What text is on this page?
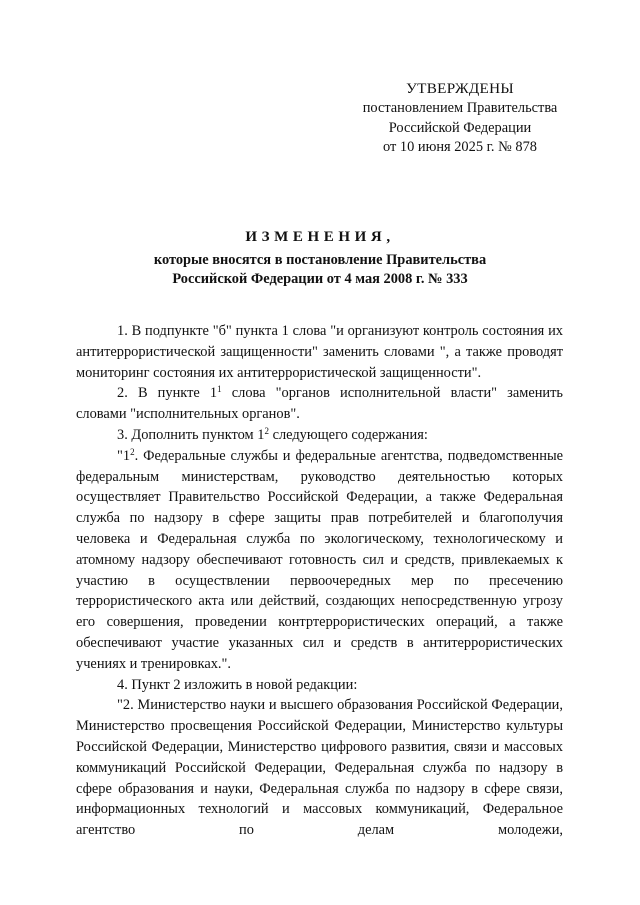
УТВЕРЖДЕНЫ
постановлением Правительства
Российской Федерации
от 10 июня 2025 г. № 878
ИЗМЕНЕНИЯ,
которые вносятся в постановление Правительства
Российской Федерации от 4 мая 2008 г. № 333

1. В подпункте "б" пункта 1 слова "и организуют контроль состояния их антитеррористической защищенности" заменить словами ", а также проводят мониторинг состояния их антитеррористической защищенности".

2. В пункте $1^1$ слова "органов исполнительной власти" заменить словами "исполнительных органов".

3. Дополнить пунктом $1^2$ следующего содержания:

"$1^2$. Федеральные службы и федеральные агентства, подведомственные федеральным министерствам, руководство деятельностью которых осуществляет Правительство Российской Федерации, а также Федеральная служба по надзору в сфере защиты прав потребителей и благополучия человека и Федеральная служба по экологическому, технологическому и атомному надзору обеспечивают готовность сил и средств, привлекаемых к участию в осуществлении первоочередных мер по пресечению террористического акта или действий, создающих непосредственную угрозу его совершения, проведении контртеррористических операций, а также обеспечивают участие указанных сил и средств в антитеррористических учениях и тренировках.".

4. Пункт 2 изложить в новой редакции:

"2. Министерство науки и высшего образования Российской Федерации, Министерство просвещения Российской Федерации, Министерство культуры Российской Федерации, Министерство цифрового развития, связи и массовых коммуникаций Российской Федерации, Федеральная служба по надзору в сфере образования и науки, Федеральная служба по надзору в сфере связи, информационных технологий и массовых коммуникаций, Федеральное агентство по делам молодежи,
